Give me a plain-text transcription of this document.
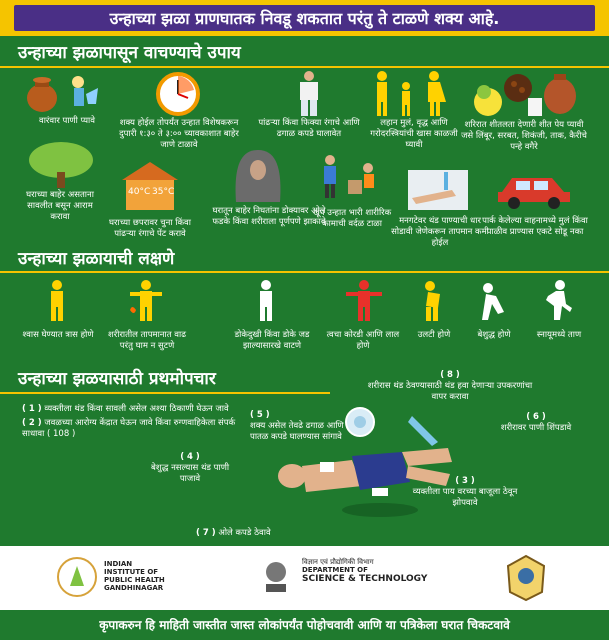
उन्हाच्या झळा प्राणघातक निवडू शकतात परंतु ते टाळणे शक्य आहे.
उन्हाच्या झळापासून वाचण्याचे उपाय
वारंवार पाणी प्यावे	शक्य होईल तोपर्यंत उन्हात विशेषकरून दुपारी १:३० ते ३:०० च्यावकाशात बाहेर जाणे टाळावे
पांढऱ्या किंवा फिक्या रंगाचे आणि ढगाळ कपडे घालावेत
लहान मुलं, वृद्ध आणि गरोदरस्त्रियांची खास काळजी घ्यावी
शरिरात शीतलता देणारी शीत पेय प्यावी जसे लिंबूर, सरबत, शिकंजी, ताक, कैरीचे पन्हे वगैरे
घराच्या बाहेर असताना सावलीत बसून आराम करावा
40°C 35°C
घराच्या छपरावर चुना किंवा पांढऱ्या रंगाचे पेंट करावे
घरातून बाहेर निघतांना डोक्यावर ओले फडके किंवा शरीराला पूर्णपणे झाकावे
खूप उन्हात भारी शारीरिक कामाची वर्दळ टाळा	मनगटेवर थंड पाण्याची धार सोडावी जेणेकरून तापमान कमी होईल
पार्क केलेल्या वाहनामध्ये मुलं किंवा पाळीव प्राण्यास एकटे सोडू नका
उन्हाच्या झळायाची लक्षणे
श्वास घेण्यात त्रास होणे	शरीरातील तापमानात वाढ परंतु घाम न सुटणे
डोकेदुखी किंवा डोके जड झाल्यासारखे वाटणे
त्वचा कोरडी आणि लाल होणे
उलटी होणे	बेशुद्ध होणे	स्नायूमध्ये ताण
उन्हाच्या झळयासाठी प्रथमोपचार
( 1 ) व्यक्तीला थंड किंवा सावली असेल अश्या ठिकाणी घेऊन जावे
( 2 ) जवळच्या आरोग्य केंद्रात घेऊन जावे किंवा रुग्णवाहिकेला संपर्क साधावा ( 108 )
( 4 )
बेशुद्ध नसल्यास थंड पाणी पाजावे
( 5 )
शक्य असेल तेवढे ढगाळ आणि पातळ कपडे घालण्यास सांगावे
( 8 )
शरीरास थंड ठेवण्यासाठी थंड हवा देणाऱ्या उपकरणांचा वापर करावा
( 6 )
शरीरावर पाणी शिंपडावे
( 3 )
व्यक्तीला पाय वरच्या बाजूला ठेवून झोपवावे
( 7 ) ओले कपडे ठेवावे
INDIAN
INSTITUTE OF
PUBLIC HEALTH
GANDHINAGAR
विज्ञान एवं प्रौद्योगिकी विभाग
DEPARTMENT OF
SCIENCE & TECHNOLOGY
कृपाकरुन हि माहिती जास्तीत जास्त लोकांपर्यंत पोहोचवावी आणि या पत्रिकेला घरात चिकटवावे
